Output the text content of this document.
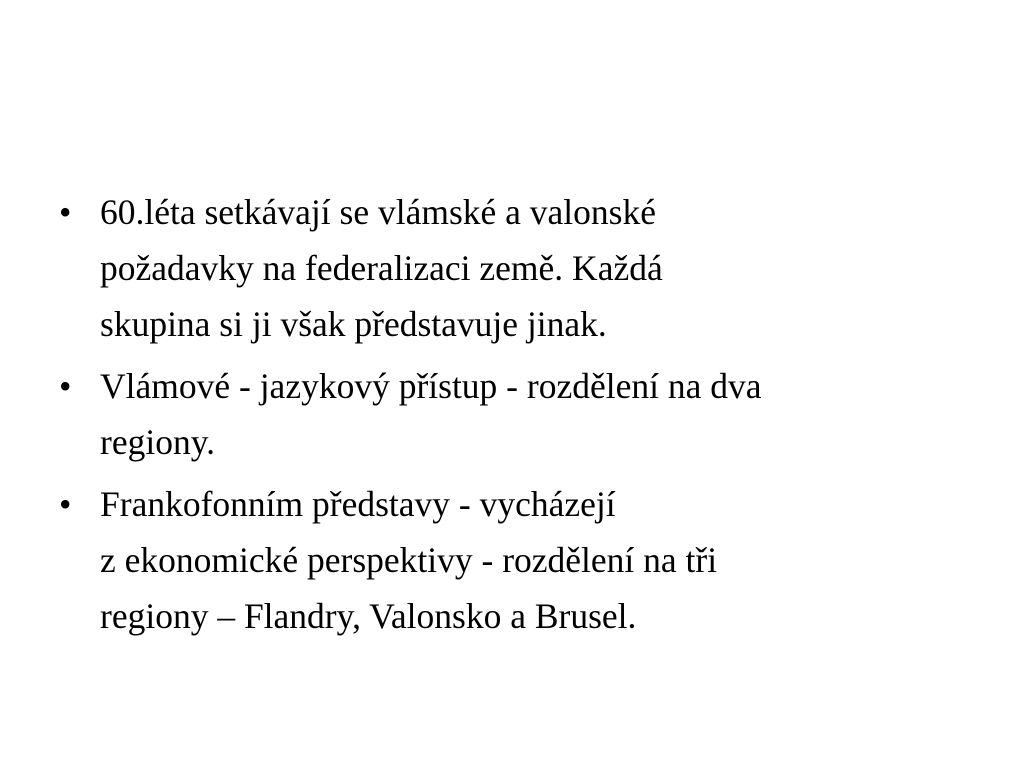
• 60.léta setkávají se vlámské a valonské
požadavky na federalizaci země. Každá
skupina si ji však představuje jinak.
• Vlámové - jazykový přístup - rozdělení na dva
regiony.
• Frankofonním představy - vycházejí
z ekonomické perspektivy - rozdělení na tři
regiony – Flandry, Valonsko a Brusel.
